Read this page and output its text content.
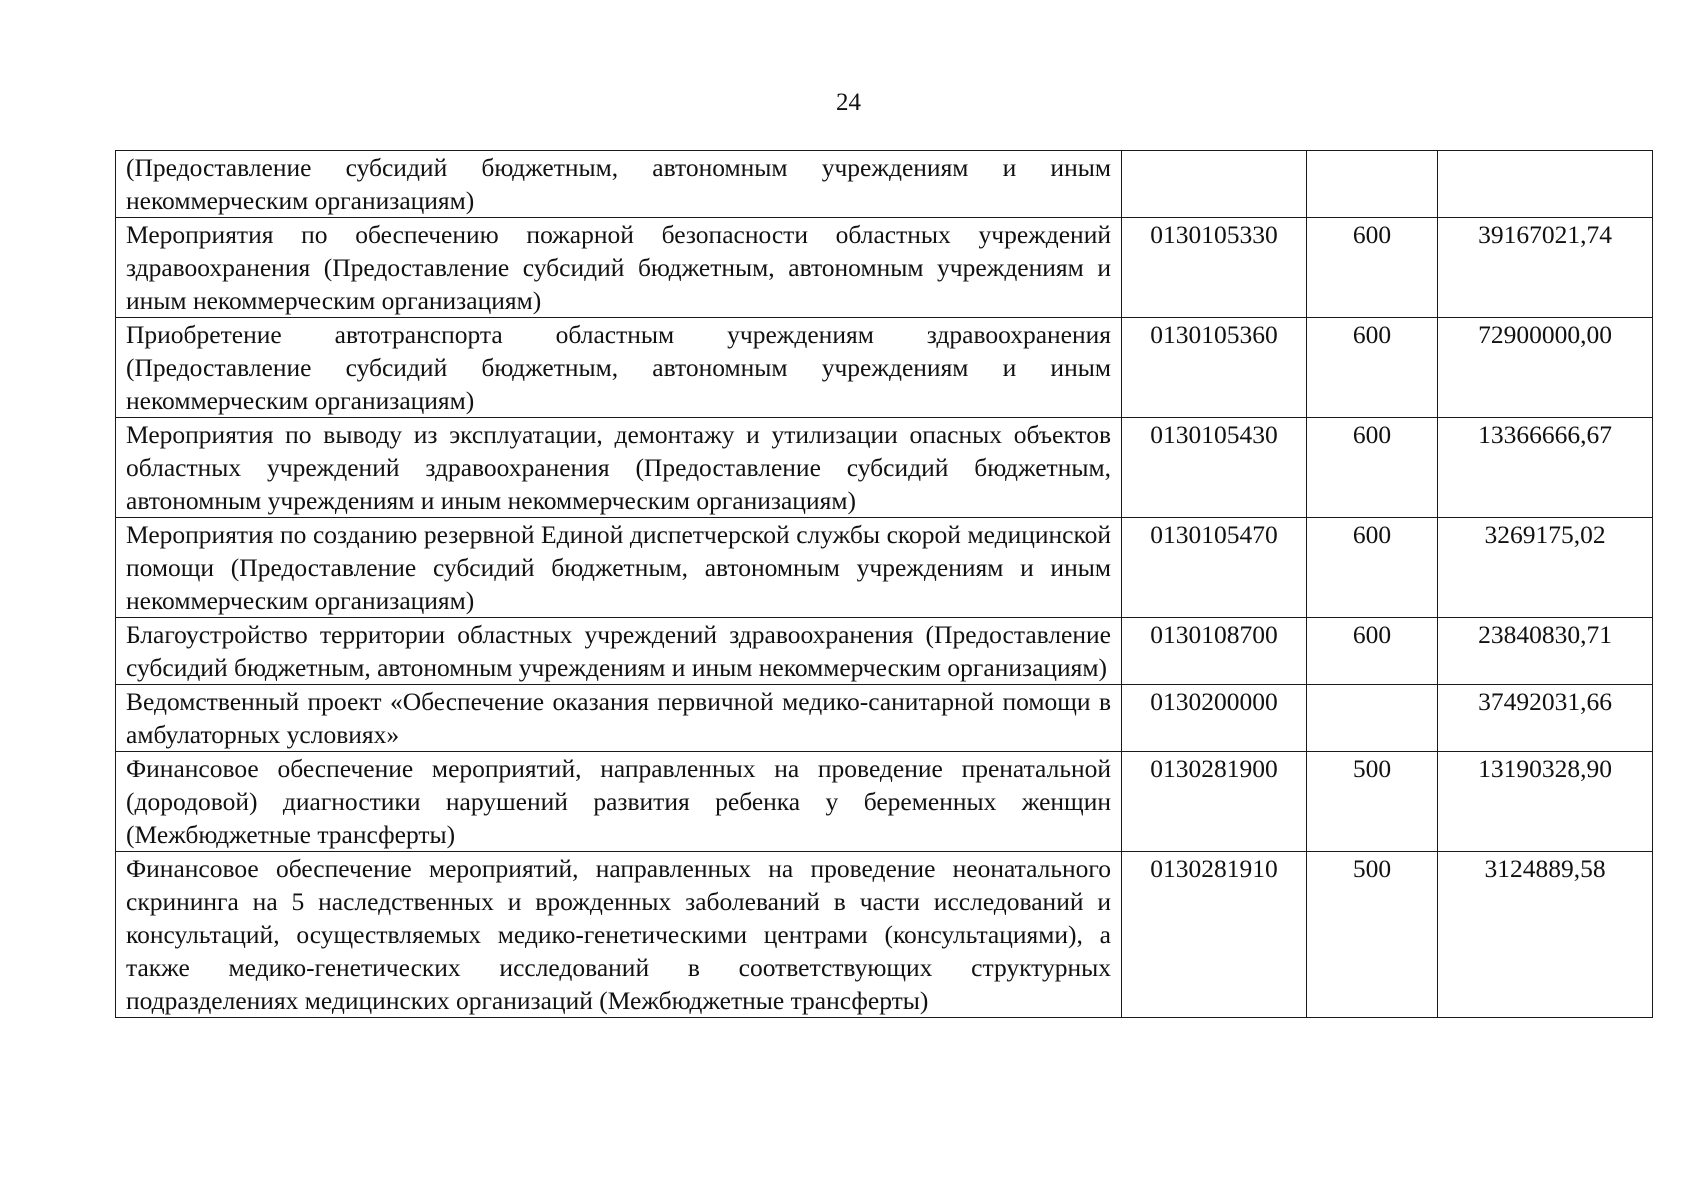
24
(Предоставление субсидий бюджетным, автономным учреждениям и иным некоммерческим организациям)			
Мероприятия по обеспечению пожарной безопасности областных учреждений здравоохранения (Предоставление субсидий бюджетным, автономным учреждениям и иным некоммерческим организациям)	0130105330	600	39167021,74
Приобретение автотранспорта областным учреждениям здравоохранения (Предоставление субсидий бюджетным, автономным учреждениям и иным некоммерческим организациям)	0130105360	600	72900000,00
Мероприятия по выводу из эксплуатации, демонтажу и утилизации опасных объектов областных учреждений здравоохранения (Предоставление субсидий бюджетным, автономным учреждениям и иным некоммерческим организациям)	0130105430	600	13366666,67
Мероприятия по созданию резервной Единой диспетчерской службы скорой медицинской помощи (Предоставление субсидий бюджетным, автономным учреждениям и иным некоммерческим организациям)	0130105470	600	3269175,02
Благоустройство территории областных учреждений здравоохранения (Предоставление субсидий бюджетным, автономным учреждениям и иным некоммерческим организациям)	0130108700	600	23840830,71
Ведомственный проект «Обеспечение оказания первичной медико-санитарной помощи в амбулаторных условиях»	0130200000		37492031,66
Финансовое обеспечение мероприятий, направленных на проведение пренатальной (дородовой) диагностики нарушений развития ребенка у беременных женщин (Межбюджетные трансферты)	0130281900	500	13190328,90
Финансовое обеспечение мероприятий, направленных на проведение неонатального скрининга на 5 наследственных и врожденных заболеваний в части исследований и консультаций, осуществляемых медико-генетическими центрами (консультациями), а также медико-генетических исследований в соответствующих структурных подразделениях медицинских организаций (Межбюджетные трансферты)	0130281910	500	3124889,58
